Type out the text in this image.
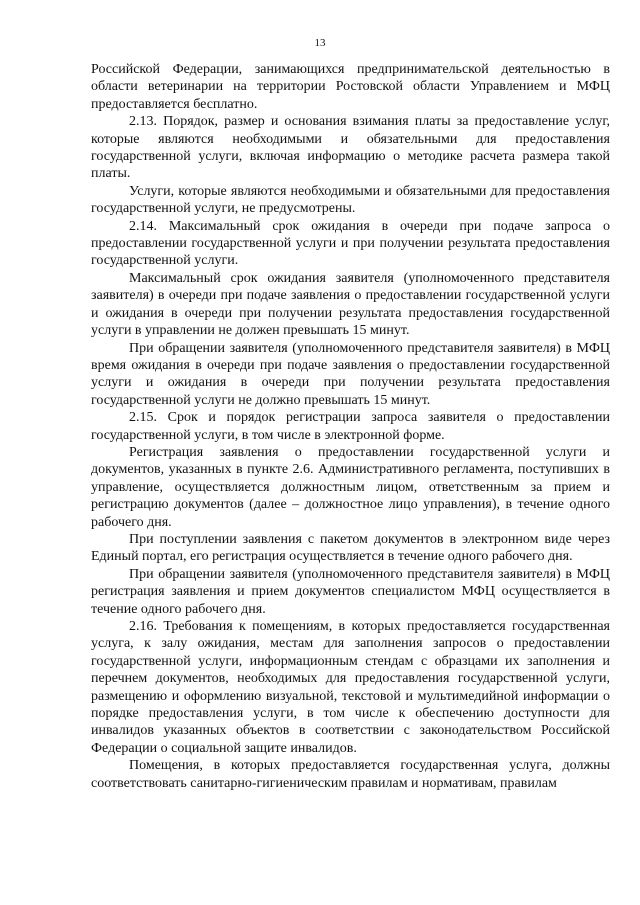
13

Российской Федерации, занимающихся предпринимательской деятельностью в области ветеринарии на территории Ростовской области Управлением и МФЦ предоставляется бесплатно.

2.13. Порядок, размер и основания взимания платы за предоставление услуг, которые являются необходимыми и обязательными для предоставления государственной услуги, включая информацию о методике расчета размера такой платы.

Услуги, которые являются необходимыми и обязательными для предоставления государственной услуги, не предусмотрены.

2.14. Максимальный срок ожидания в очереди при подаче запроса о предоставлении государственной услуги и при получении результата предоставления государственной услуги.

Максимальный срок ожидания заявителя (уполномоченного представителя заявителя) в очереди при подаче заявления о предоставлении государственной услуги и ожидания в очереди при получении результата предоставления государственной услуги в управлении не должен превышать 15 минут.

При обращении заявителя (уполномоченного представителя заявителя) в МФЦ время ожидания в очереди при подаче заявления о предоставлении государственной услуги и ожидания в очереди при получении результата предоставления государственной услуги не должно превышать 15 минут.

2.15. Срок и порядок регистрации запроса заявителя о предоставлении государственной услуги, в том числе в электронной форме.

Регистрация заявления о предоставлении государственной услуги и документов, указанных в пункте 2.6. Административного регламента, поступивших в управление, осуществляется должностным лицом, ответственным за прием и регистрацию документов (далее – должностное лицо управления), в течение одного рабочего дня.

При поступлении заявления с пакетом документов в электронном виде через Единый портал, его регистрация осуществляется в течение одного рабочего дня.

При обращении заявителя (уполномоченного представителя заявителя) в МФЦ регистрация заявления и прием документов специалистом МФЦ осуществляется в течение одного рабочего дня.

2.16. Требования к помещениям, в которых предоставляется государственная услуга, к залу ожидания, местам для заполнения запросов о предоставлении государственной услуги, информационным стендам с образцами их заполнения и перечнем документов, необходимых для предоставления государственной услуги, размещению и оформлению визуальной, текстовой и мультимедийной информации о порядке предоставления услуги, в том числе к обеспечению доступности для инвалидов указанных объектов в соответствии с законодательством Российской Федерации о социальной защите инвалидов.

Помещения, в которых предоставляется государственная услуга, должны соответствовать санитарно-гигиеническим правилам и нормативам, правилам
